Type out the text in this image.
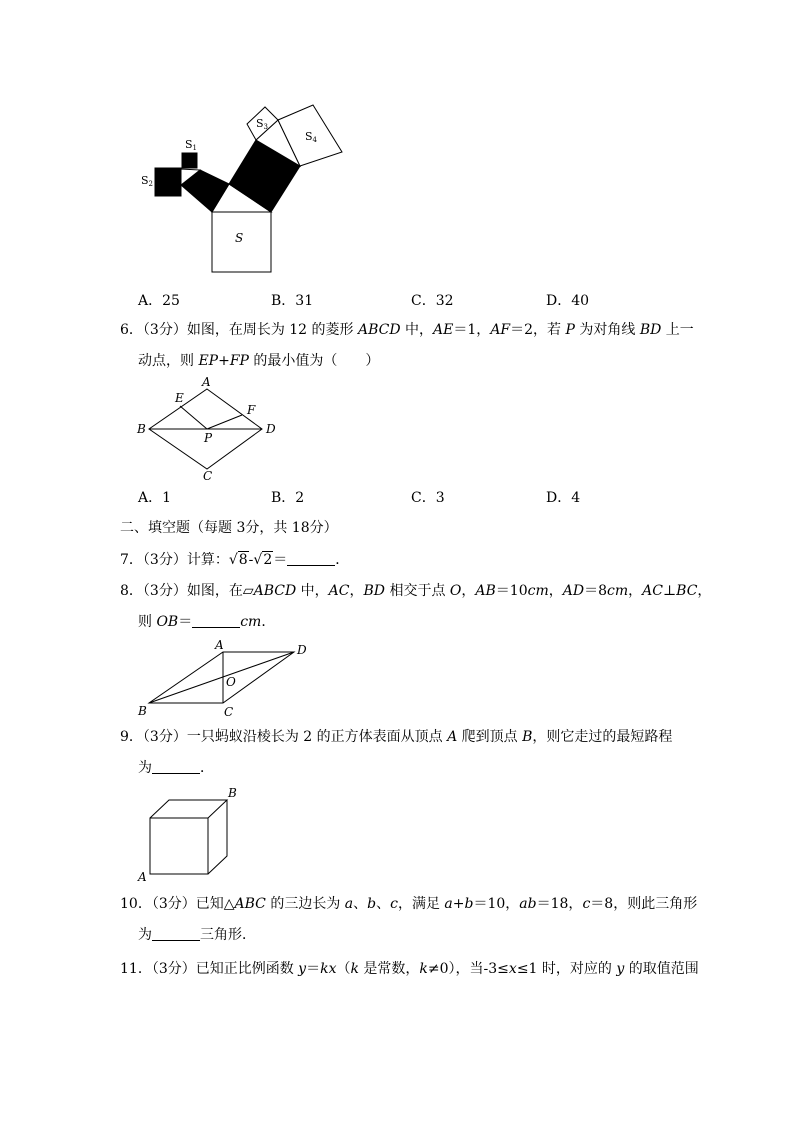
S
S1
S2
S3
S4
A．25	B．31	C．32	D．40
6．（3分）如图，在周长为 12 的菱形 ABCD 中，AE＝1，AF＝2，若 P 为对角线 BD 上一
动点，则 EP+FP 的最小值为（　　）
A
B
C
D
E
F
P
A．1	B．2	C．3	D．4
二、填空题（每题 3分，共 18分）
7．（3分）计算：√8-√2＝	．
8．（3分）如图，在▱ABCD 中，AC，BD 相交于点 O，AB＝10cm，AD＝8cm，AC⊥BC，
则 OB＝	cm．
A
B	C
D
O
9．（3分）一只蚂蚁沿棱长为 2 的正方体表面从顶点 A 爬到顶点 B，则它走过的最短路程
为	．
A
B
10．（3分）已知△ABC 的三边长为 a、b、c，满足 a+b＝10，ab＝18，c＝8，则此三角形
为	三角形．
11．（3分）已知正比例函数 y＝kx（k 是常数，k≠0），当-3≤x≤1 时，对应的 y 的取值范围
